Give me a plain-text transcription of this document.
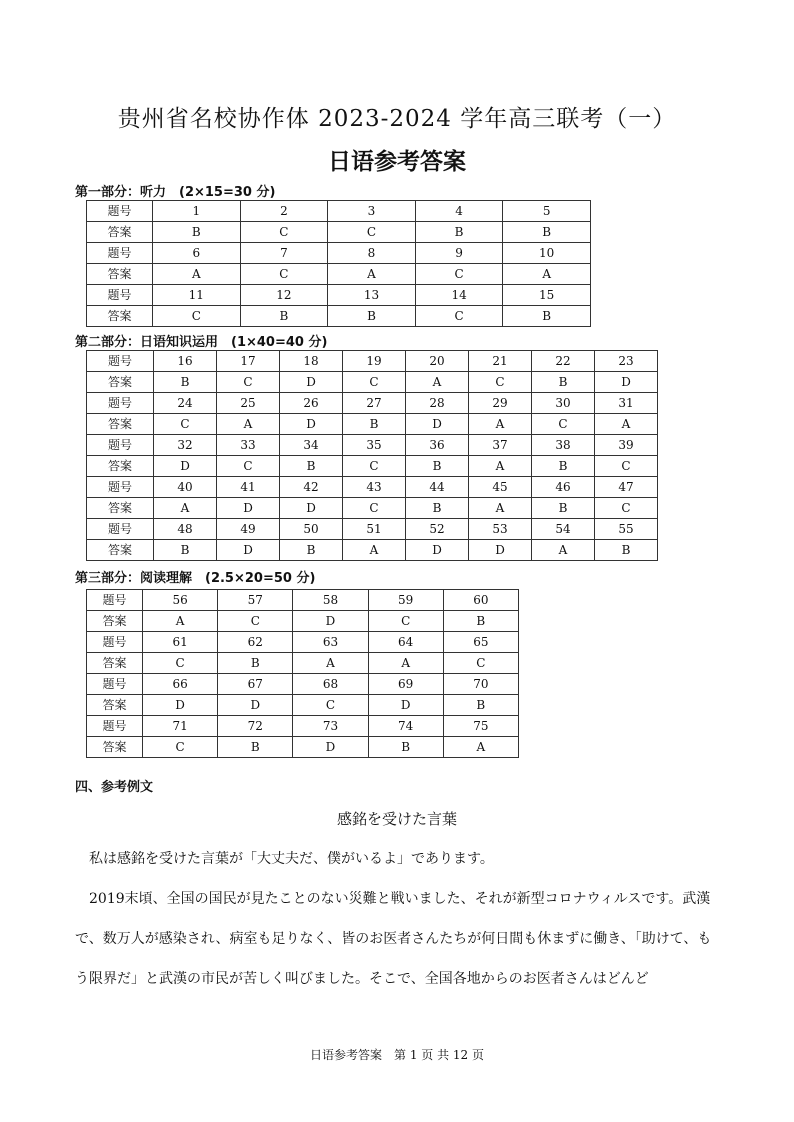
贵州省名校协作体 2023-2024 学年高三联考（一）
日语参考答案
第一部分：听力　(2×15=30 分)
题号	1	2	3	4	5
答案	B	C	C	B	B
题号	6	7	8	9	10
答案	A	C	A	C	A
题号	11	12	13	14	15
答案	C	B	B	C	B
第二部分：日语知识运用　(1×40=40 分)
题号	16	17	18	19	20	21	22	23
答案	B	C	D	C	A	C	B	D
题号	24	25	26	27	28	29	30	31
答案	C	A	D	B	D	A	C	A
题号	32	33	34	35	36	37	38	39
答案	D	C	B	C	B	A	B	C
题号	40	41	42	43	44	45	46	47
答案	A	D	D	C	B	A	B	C
题号	48	49	50	51	52	53	54	55
答案	B	D	B	A	D	D	A	B
第三部分：阅读理解　(2.5×20=50 分)
题号	56	57	58	59	60
答案	A	C	D	C	B
题号	61	62	63	64	65
答案	C	B	A	A	C
题号	66	67	68	69	70
答案	D	D	C	D	B
题号	71	72	73	74	75
答案	C	B	D	B	A
四、参考例文
感銘を受けた言葉
　私は感銘を受けた言葉が「大丈夫だ、僕がいるよ」であります。
　2019末頃、全国の国民が見たことのない災難と戦いました、それが新型コロナウィルスです。武漢で、数万人が感染され、病室も足りなく、皆のお医者さんたちが何日間も休まずに働き、「助けて、もう限界だ」と武漢の市民が苦しく叫びました。そこで、全国各地からのお医者さんはどんど
日语参考答案　第 1 页 共 12 页
